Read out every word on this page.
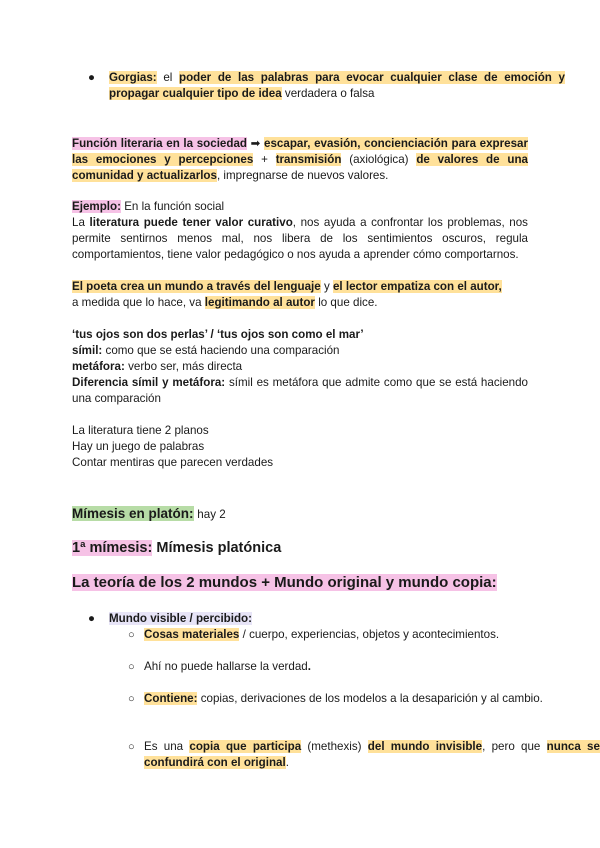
● Gorgias: el poder de las palabras para evocar cualquier clase de emoción y propagar cualquier tipo de idea verdadera o falsa
Función literaria en la sociedad ➡ escapar, evasión, concienciación para expresar las emociones y percepciones + transmisión (axiológica) de valores de una comunidad y actualizarlos, impregnarse de nuevos valores.
Ejemplo: En la función social
La literatura puede tener valor curativo, nos ayuda a confrontar los problemas, nos permite sentirnos menos mal, nos libera de los sentimientos oscuros, regula comportamientos, tiene valor pedagógico o nos ayuda a aprender cómo comportarnos.
El poeta crea un mundo a través del lenguaje y el lector empatiza con el autor,
a medida que lo hace, va legitimando al autor lo que dice.
‘tus ojos son dos perlas’ / ‘tus ojos son como el mar’
símil: como que se está haciendo una comparación
metáfora: verbo ser, más directa
Diferencia símil y metáfora: símil es metáfora que admite como que se está haciendo una comparación
La literatura tiene 2 planos
Hay un juego de palabras
Contar mentiras que parecen verdades
Mímesis en platón: hay 2
1ª mímesis: Mímesis platónica
La teoría de los 2 mundos + Mundo original y mundo copia:
● Mundo visible / percibido:
○ Cosas materiales / cuerpo, experiencias, objetos y acontecimientos.
○ Ahí no puede hallarse la verdad.
○ Contiene: copias, derivaciones de los modelos a la desaparición y al cambio.
○ Es una copia que participa (methexis) del mundo invisible, pero que nunca se confundirá con el original.
